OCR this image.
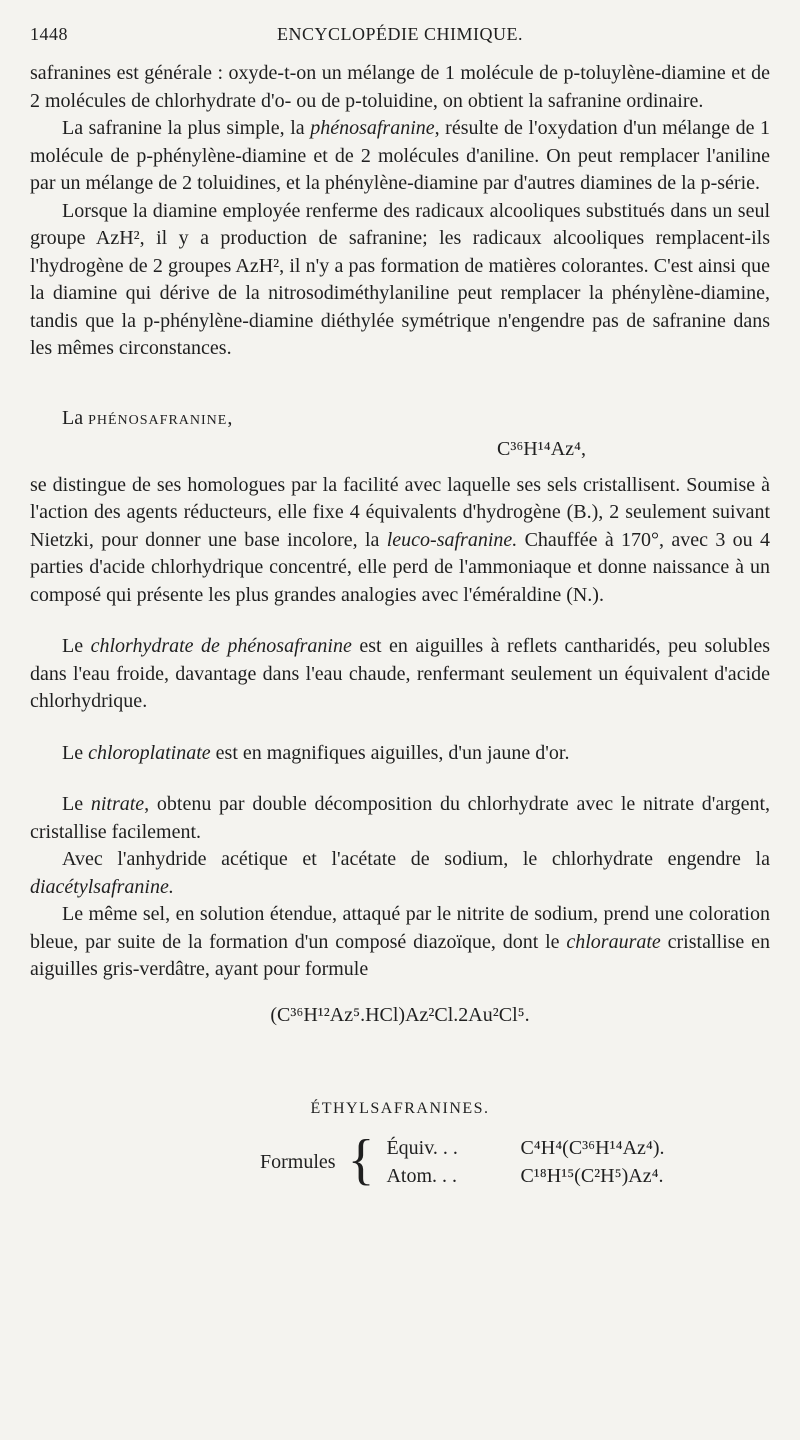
1448	ENCYCLOPÉDIE CHIMIQUE.

safranines est générale : oxyde-t-on un mélange de 1 molécule de p-toluylène-diamine et de 2 molécules de chlorhydrate d'o- ou de p-toluidine, on obtient la safranine ordinaire.

La safranine la plus simple, la phénosafranine, résulte de l'oxydation d'un mélange de 1 molécule de p-phénylène-diamine et de 2 molécules d'aniline. On peut remplacer l'aniline par un mélange de 2 toluidines, et la phénylène-diamine par d'autres diamines de la p-série.

Lorsque la diamine employée renferme des radicaux alcooliques substitués dans un seul groupe AzH², il y a production de safranine; les radicaux alcooliques remplacent-ils l'hydrogène de 2 groupes AzH², il n'y a pas formation de matières colorantes. C'est ainsi que la diamine qui dérive de la nitrosodiméthylaniline peut remplacer la phénylène-diamine, tandis que la p-phénylène-diamine diéthylée symétrique n'engendre pas de safranine dans les mêmes circonstances.

La phénosafranine,

C³⁶H¹⁴Az⁴,

se distingue de ses homologues par la facilité avec laquelle ses sels cristallisent. Soumise à l'action des agents réducteurs, elle fixe 4 équivalents d'hydrogène (B.), 2 seulement suivant Nietzki, pour donner une base incolore, la leuco-safranine. Chauffée à 170°, avec 3 ou 4 parties d'acide chlorhydrique concentré, elle perd de l'ammoniaque et donne naissance à un composé qui présente les plus grandes analogies avec l'éméraldine (N.).

Le chlorhydrate de phénosafranine est en aiguilles à reflets cantharidés, peu solubles dans l'eau froide, davantage dans l'eau chaude, renfermant seulement un équivalent d'acide chlorhydrique.

Le chloroplatinate est en magnifiques aiguilles, d'un jaune d'or.

Le nitrate, obtenu par double décomposition du chlorhydrate avec le nitrate d'argent, cristallise facilement.

Avec l'anhydride acétique et l'acétate de sodium, le chlorhydrate engendre la diacétylsafranine.

Le même sel, en solution étendue, attaqué par le nitrite de sodium, prend une coloration bleue, par suite de la formation d'un composé diazoïque, dont le chloraurate cristallise en aiguilles gris-verdâtre, ayant pour formule

(C³⁶H¹²Az⁵.HCl)Az²Cl.2Au²Cl⁵.
ÉTHYLSAFRANINES.
Formules { Équiv. . .	C⁴H⁴(C³⁶H¹⁴Az⁴).
Atom. . .	C¹⁸H¹⁵(C²H⁵)Az⁴.
